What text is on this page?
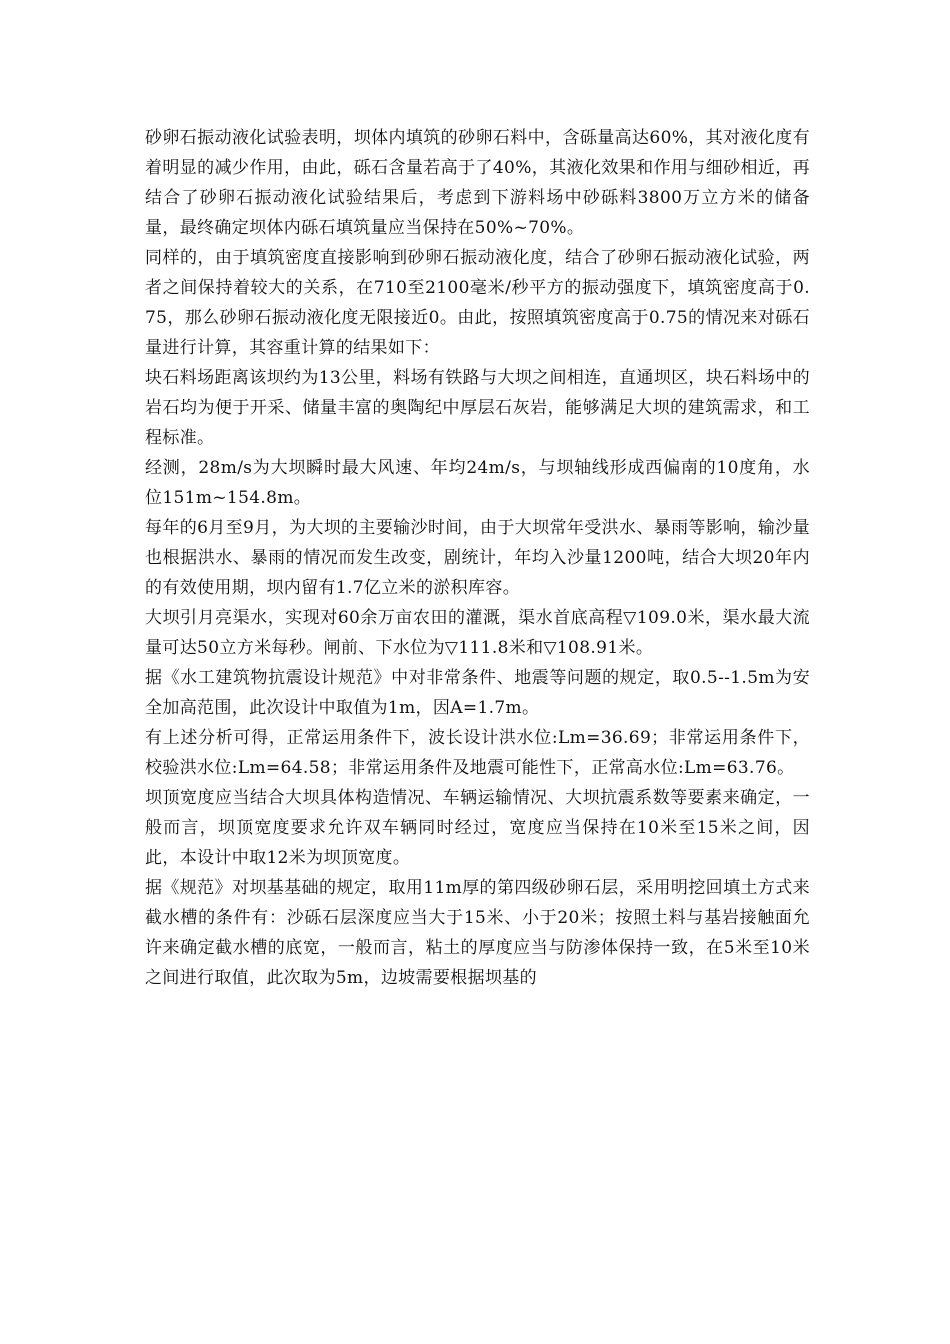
砂卵石振动液化试验表明，坝体内填筑的砂卵石料中，含砾量高达60%，其对液化度有着明显的减少作用，由此，砾石含量若高于了40%，其液化效果和作用与细砂相近，再结合了砂卵石振动液化试验结果后，考虑到下游料场中砂砾料3800万立方米的储备量，最终确定坝体内砾石填筑量应当保持在50%~70%。

同样的，由于填筑密度直接影响到砂卵石振动液化度，结合了砂卵石振动液化试验，两者之间保持着较大的关系，在710至2100毫米/秒平方的振动强度下，填筑密度高于0.75，那么砂卵石振动液化度无限接近0。由此，按照填筑密度高于0.75的情况来对砾石量进行计算，其容重计算的结果如下：

块石料场距离该坝约为13公里，料场有铁路与大坝之间相连，直通坝区，块石料场中的岩石均为便于开采、储量丰富的奥陶纪中厚层石灰岩，能够满足大坝的建筑需求，和工程标准。

经测，28m/s为大坝瞬时最大风速、年均24m/s，与坝轴线形成西偏南的10度角，水位151m~154.8m。

每年的6月至9月，为大坝的主要输沙时间，由于大坝常年受洪水、暴雨等影响，输沙量也根据洪水、暴雨的情况而发生改变，剧统计，年均入沙量1200吨，结合大坝20年内的有效使用期，坝内留有1.7亿立米的淤积库容。

大坝引月亮渠水，实现对60余万亩农田的灌溉，渠水首底高程▽109.0米，渠水最大流量可达50立方米每秒。闸前、下水位为▽111.8米和▽108.91米。

据《水工建筑物抗震设计规范》中对非常条件、地震等问题的规定，取0.5--1.5m为安全加高范围，此次设计中取值为1m，因A=1.7m。

有上述分析可得，正常运用条件下，波长设计洪水位:Lm=36.69；非常运用条件下，校验洪水位:Lm=64.58；非常运用条件及地震可能性下，正常高水位:Lm=63.76。

坝顶宽度应当结合大坝具体构造情况、车辆运输情况、大坝抗震系数等要素来确定，一般而言，坝顶宽度要求允许双车辆同时经过，宽度应当保持在10米至15米之间，因此，本设计中取12米为坝顶宽度。

据《规范》对坝基基础的规定，取用11m厚的第四级砂卵石层，采用明挖回填土方式来截水槽的条件有：沙砾石层深度应当大于15米、小于20米；按照土料与基岩接触面允许来确定截水槽的底宽，一般而言，粘土的厚度应当与防渗体保持一致，在5米至10米之间进行取值，此次取为5m，边坡需要根据坝基的
